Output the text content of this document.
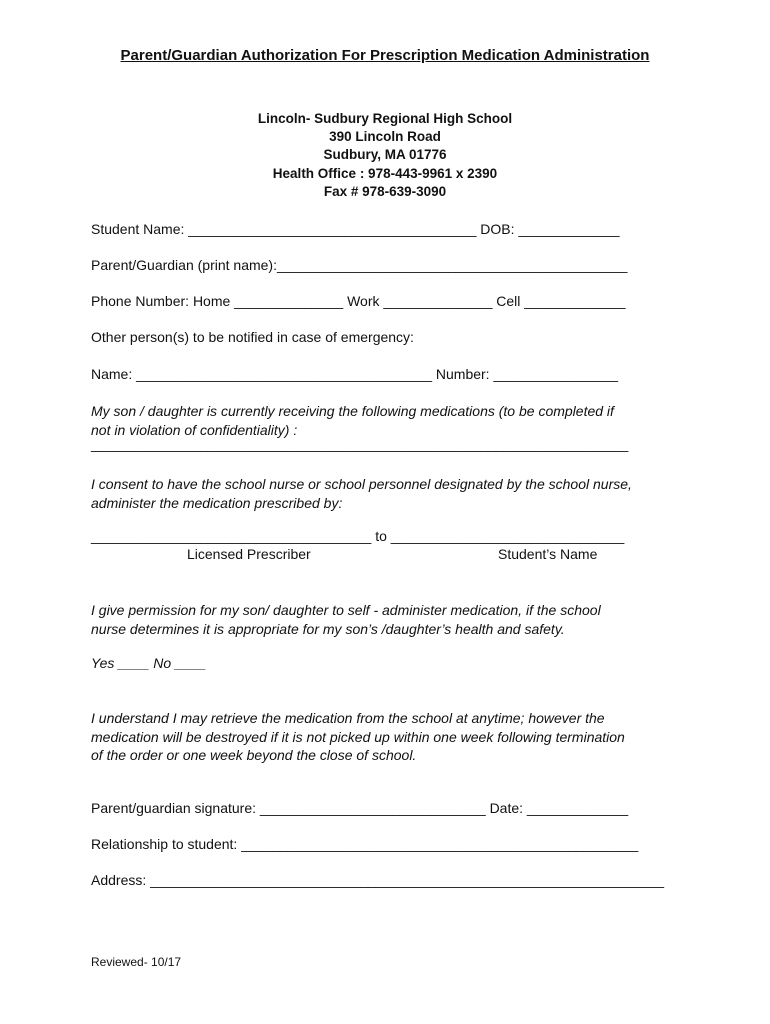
Parent/Guardian Authorization For Prescription Medication Administration
Lincoln- Sudbury Regional High School
390 Lincoln Road
Sudbury, MA 01776
Health Office : 978-443-9961 x 2390
Fax # 978-639-3090
Student Name: _____________________________________ DOB: _____________
Parent/Guardian (print name):_____________________________________________
Phone Number: Home ______________ Work ______________ Cell _____________
Other person(s) to be notified in case of emergency:
Name: ______________________________________ Number: ________________
My son / daughter is currently receiving the following medications (to be completed if
not in violation of confidentiality) :
_____________________________________________________________________
I consent to have the school nurse or school personnel designated by the school nurse,
administer the medication prescribed by:
____________________________________ to ______________________________
Licensed Prescriber	Student’s Name
I give permission for my son/ daughter to self - administer medication, if the school
nurse determines it is appropriate for my son’s /daughter’s health and safety.
Yes ____ No ____
I understand I may retrieve the medication from the school at anytime; however the
medication will be destroyed if it is not picked up within one week following termination
of the order or one week beyond the close of school.
Parent/guardian signature: _____________________________ Date: _____________
Relationship to student: ___________________________________________________
Address: __________________________________________________________________
Reviewed- 10/17
